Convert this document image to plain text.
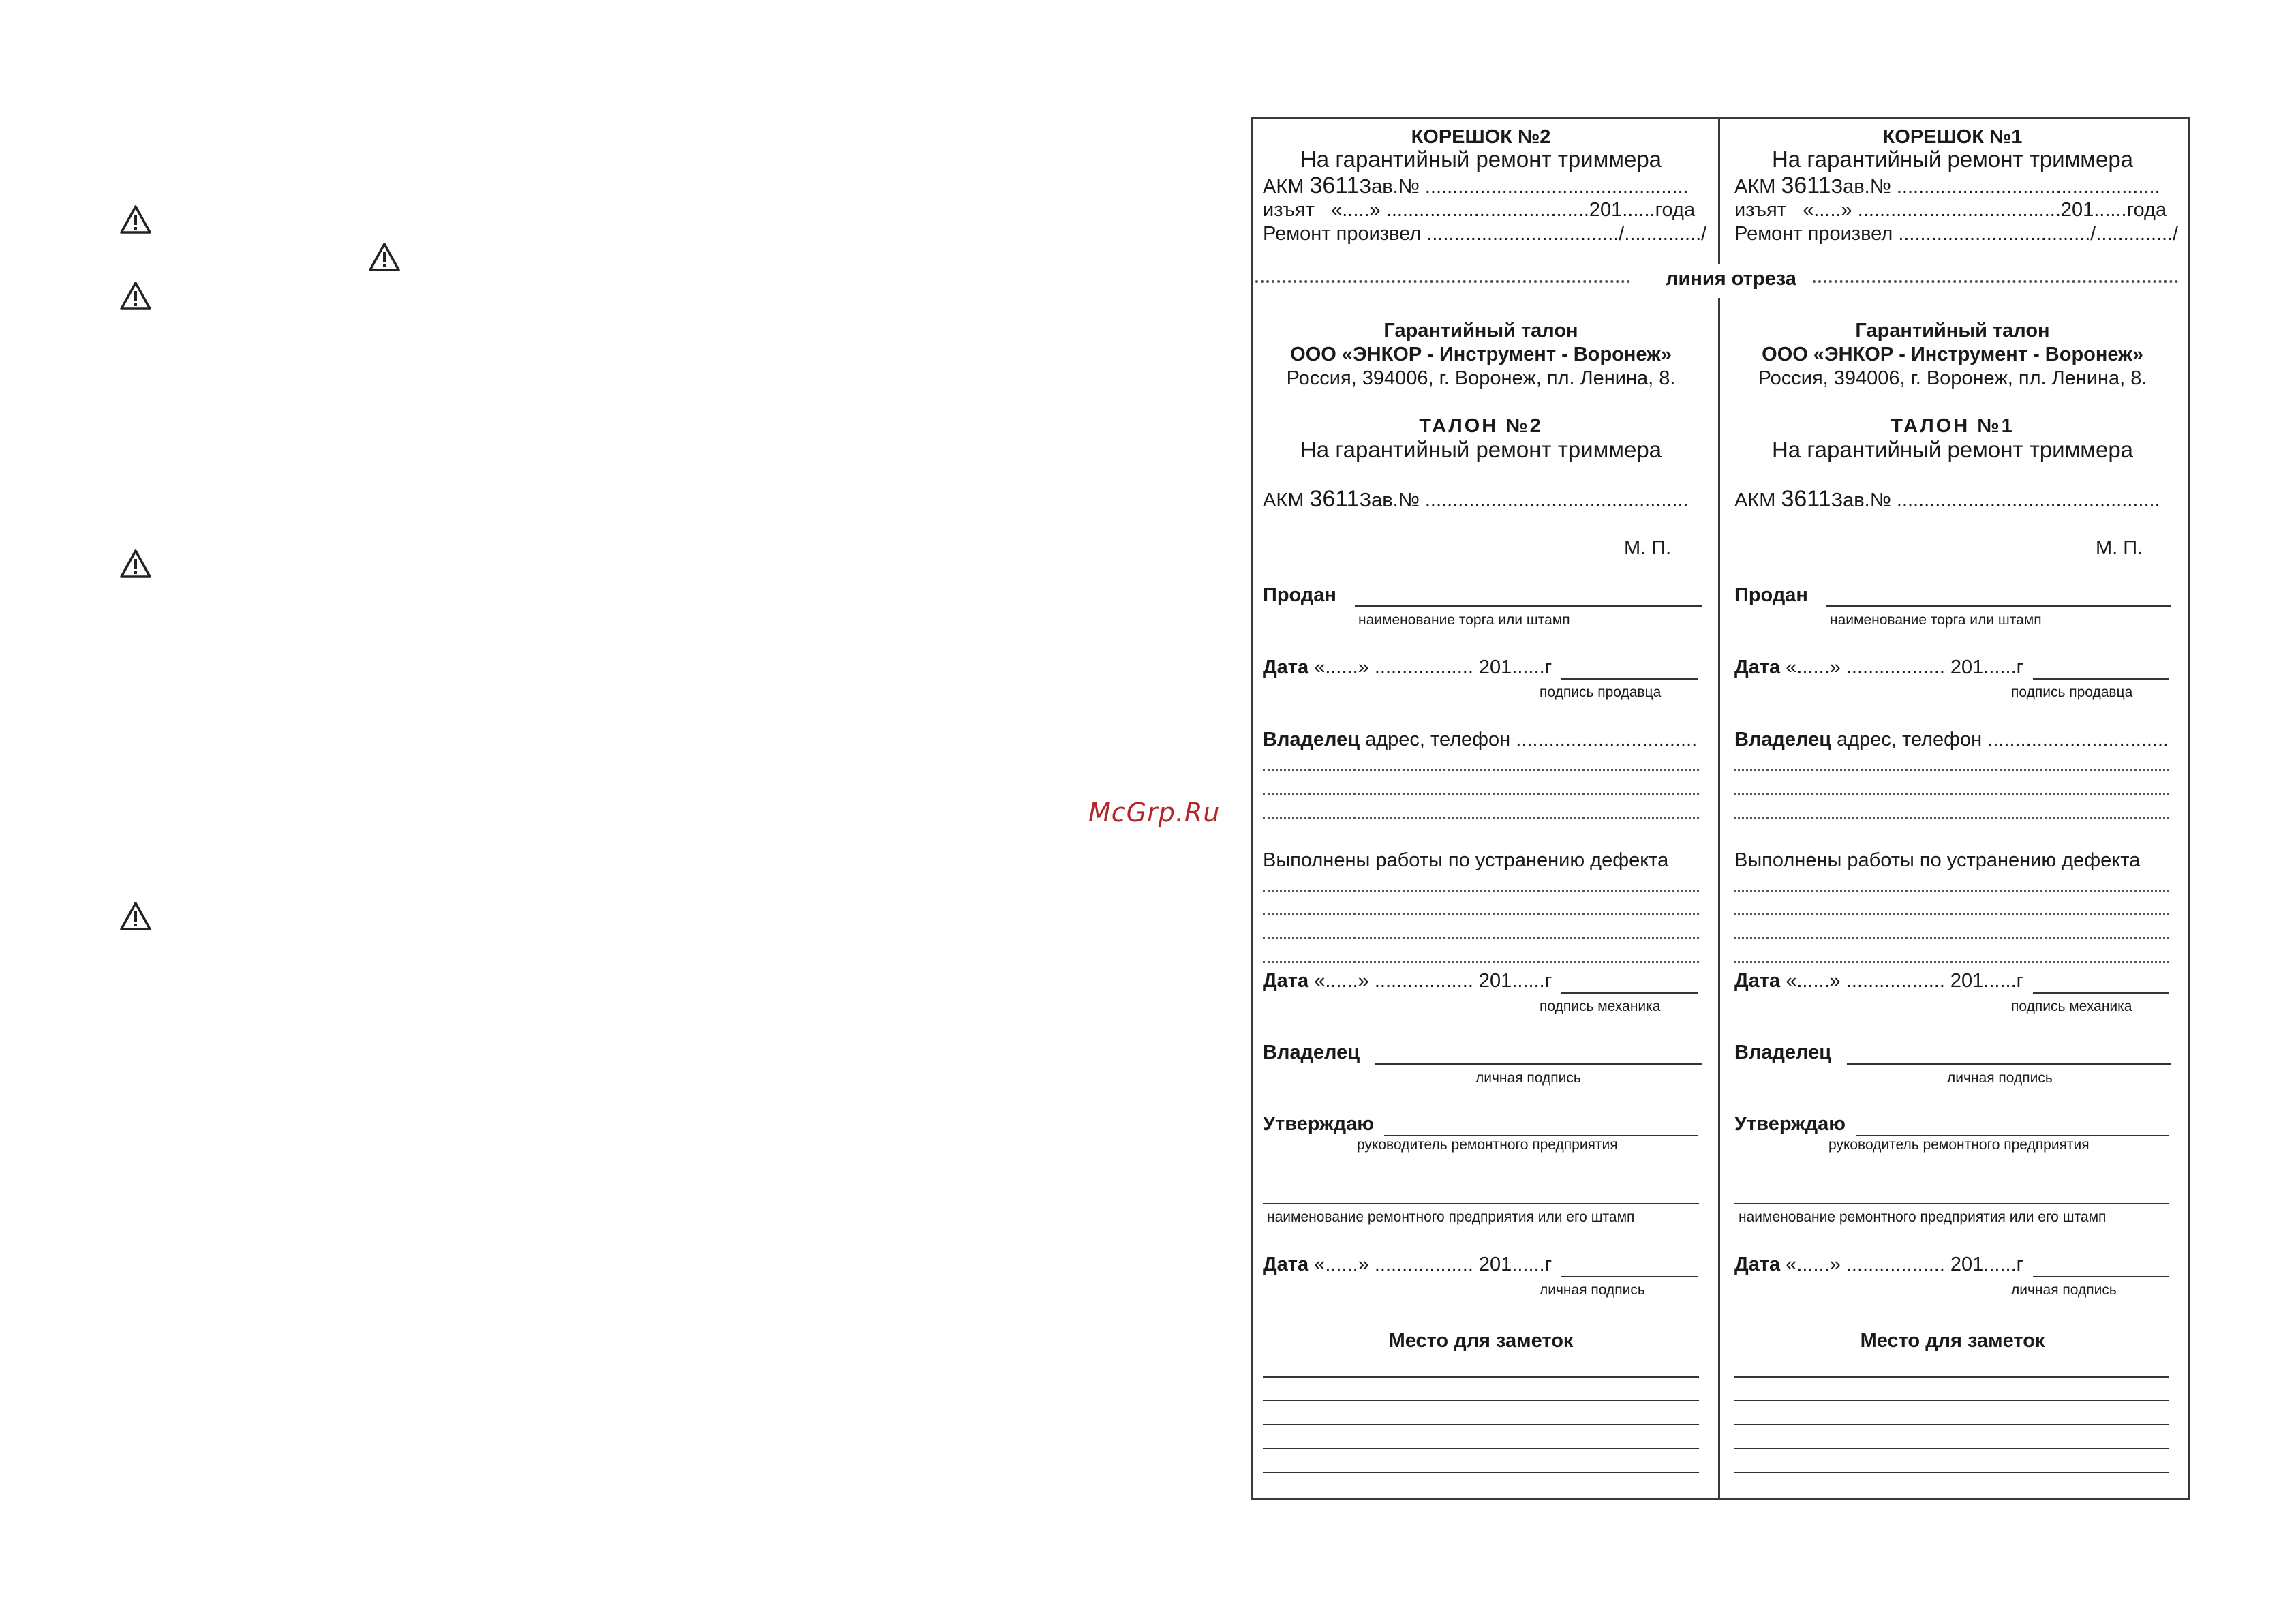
McGrp.Ru
линия отреза
КОРЕШОК №2
На гарантийный ремонт триммера
АКМ 3611Зав.№ ................................................
изъят «.....» .....................................201......года
Ремонт произвел .................................../............../
Гарантийный талон
ООО «ЭНКОР - Инструмент - Воронеж»
Россия, 394006, г. Воронеж, пл. Ленина, 8.
ТАЛОН №2
На гарантийный ремонт триммера
АКМ 3611Зав.№ ................................................
М. П.
Продан
наименование торга или штамп
Дата «......» .................. 201......г
подпись продавца
Владелец адрес, телефон .................................
Выполнены работы по устранению дефекта
Дата «......» .................. 201......г
подпись механика
Владелец
личная подпись
Утверждаю
руководитель ремонтного предприятия
наименование ремонтного предприятия или его штамп
Дата «......» .................. 201......г
личная подпись
Место для заметок
КОРЕШОК №1
На гарантийный ремонт триммера
АКМ 3611Зав.№ ................................................
изъят «.....» .....................................201......года
Ремонт произвел .................................../............../
Гарантийный талон
ООО «ЭНКОР - Инструмент - Воронеж»
Россия, 394006, г. Воронеж, пл. Ленина, 8.
ТАЛОН №1
На гарантийный ремонт триммера
АКМ 3611Зав.№ ................................................
М. П.
Продан
наименование торга или штамп
Дата «......» .................. 201......г
подпись продавца
Владелец адрес, телефон .................................
Выполнены работы по устранению дефекта
Дата «......» .................. 201......г
подпись механика
Владелец
личная подпись
Утверждаю
руководитель ремонтного предприятия
наименование ремонтного предприятия или его штамп
Дата «......» .................. 201......г
личная подпись
Место для заметок
